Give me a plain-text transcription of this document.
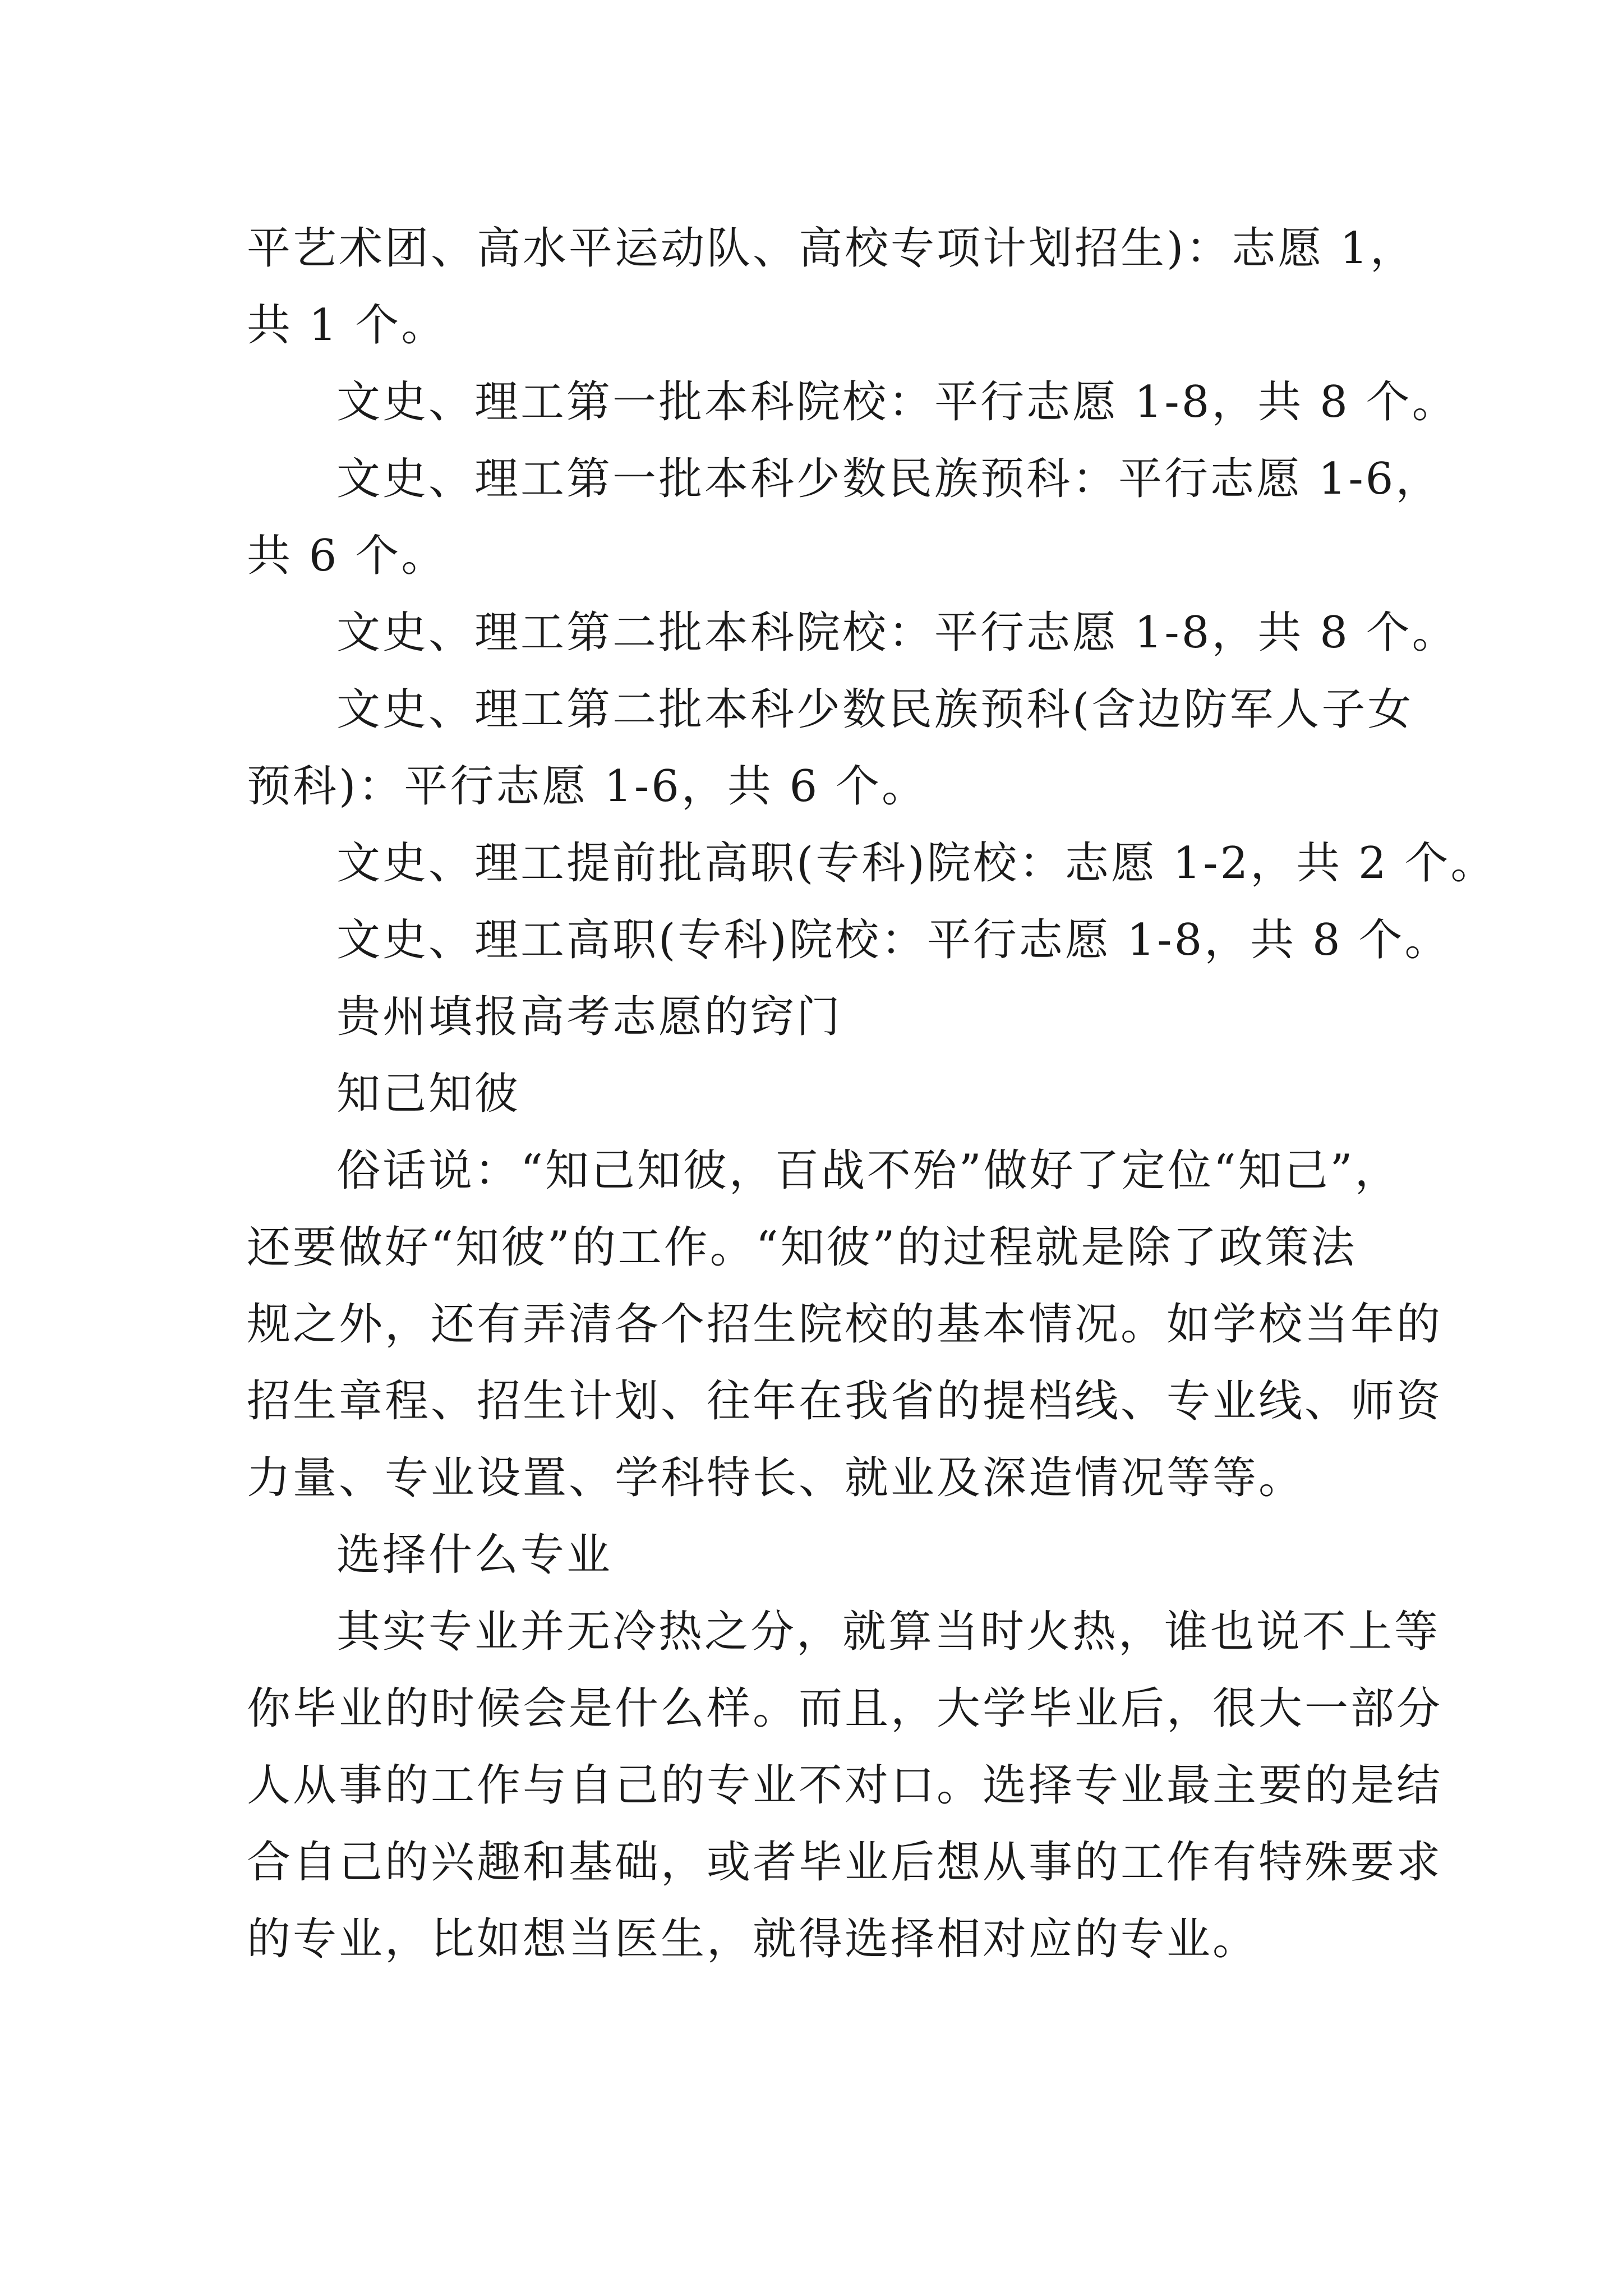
平艺术团、高水平运动队、高校专项计划招生)：志愿 1，
共 1 个。
文史、理工第一批本科院校：平行志愿 1-8，共 8 个。
文史、理工第一批本科少数民族预科：平行志愿 1-6，
共 6 个。
文史、理工第二批本科院校：平行志愿 1-8，共 8 个。
文史、理工第二批本科少数民族预科(含边防军人子女
预科)：平行志愿 1-6，共 6 个。
文史、理工提前批高职(专科)院校：志愿 1-2，共 2 个。
文史、理工高职(专科)院校：平行志愿 1-8，共 8 个。
贵州填报高考志愿的窍门
知己知彼
俗话说：“知己知彼，百战不殆”做好了定位“知己”，
还要做好“知彼”的工作。“知彼”的过程就是除了政策法
规之外，还有弄清各个招生院校的基本情况。如学校当年的
招生章程、招生计划、往年在我省的提档线、专业线、师资
力量、专业设置、学科特长、就业及深造情况等等。
选择什么专业
其实专业并无冷热之分，就算当时火热，谁也说不上等
你毕业的时候会是什么样。而且，大学毕业后，很大一部分
人从事的工作与自己的专业不对口。选择专业最主要的是结
合自己的兴趣和基础，或者毕业后想从事的工作有特殊要求
的专业，比如想当医生，就得选择相对应的专业。
